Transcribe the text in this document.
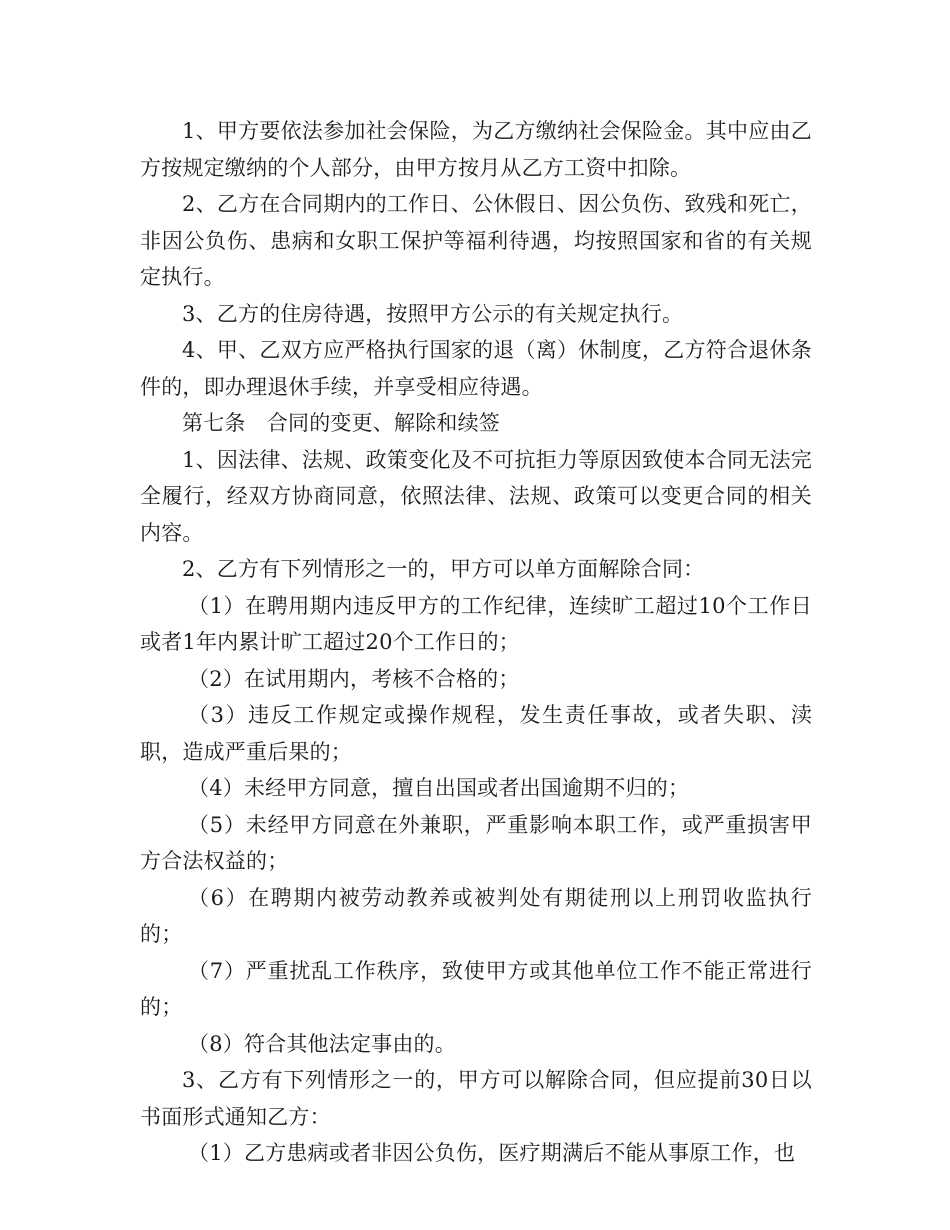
1、甲方要依法参加社会保险，为乙方缴纳社会保险金。其中应由乙方按规定缴纳的个人部分，由甲方按月从乙方工资中扣除。

2、乙方在合同期内的工作日、公休假日、因公负伤、致残和死亡，非因公负伤、患病和女职工保护等福利待遇，均按照国家和省的有关规定执行。

3、乙方的住房待遇，按照甲方公示的有关规定执行。

4、甲、乙双方应严格执行国家的退（离）休制度，乙方符合退休条件的，即办理退休手续，并享受相应待遇。

第七条　合同的变更、解除和续签

1、因法律、法规、政策变化及不可抗拒力等原因致使本合同无法完全履行，经双方协商同意，依照法律、法规、政策可以变更合同的相关内容。

2、乙方有下列情形之一的，甲方可以单方面解除合同：

（1）在聘用期内违反甲方的工作纪律，连续旷工超过10个工作日或者1年内累计旷工超过20个工作日的；

（2）在试用期内，考核不合格的；

（3）违反工作规定或操作规程，发生责任事故，或者失职、渎职，造成严重后果的；

（4）未经甲方同意，擅自出国或者出国逾期不归的；

（5）未经甲方同意在外兼职，严重影响本职工作，或严重损害甲方合法权益的；

（6）在聘期内被劳动教养或被判处有期徒刑以上刑罚收监执行的；

（7）严重扰乱工作秩序，致使甲方或其他单位工作不能正常进行的；

（8）符合其他法定事由的。

3、乙方有下列情形之一的，甲方可以解除合同，但应提前30日以书面形式通知乙方：

（1）乙方患病或者非因公负伤，医疗期满后不能从事原工作，也
